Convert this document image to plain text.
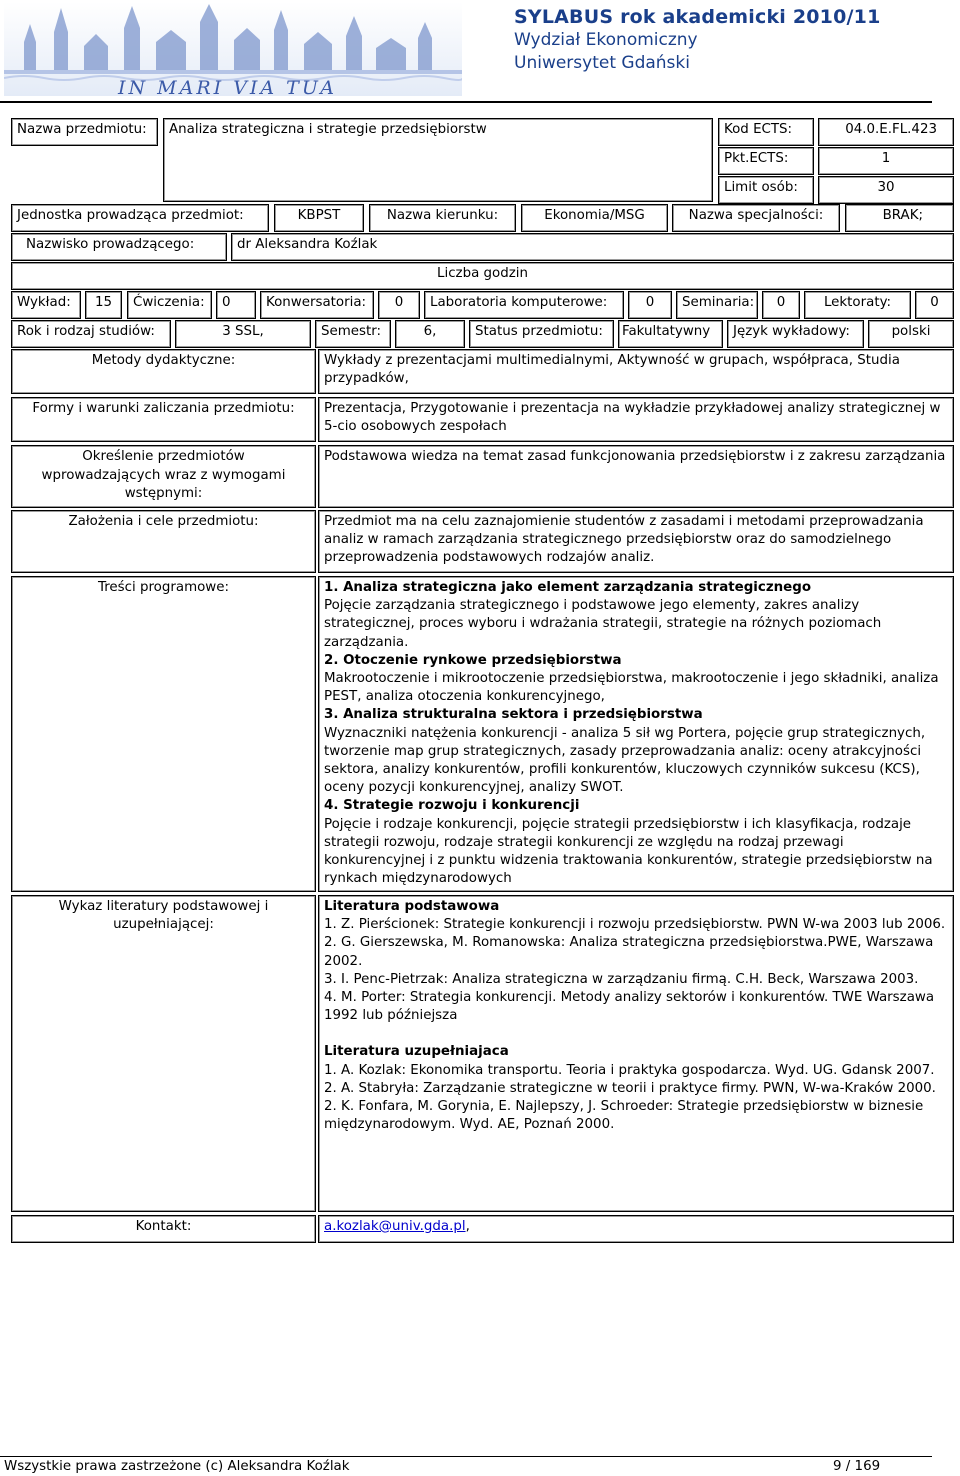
IN MARI VIA TUA
SYLABUS rok akademicki 2010/11
Wydział Ekonomiczny
Uniwersytet Gdański
Nazwa przedmiotu:	Analiza strategiczna i strategie przedsiębiorstw	Kod ECTS:	04.0.E.FL.423
Pkt.ECTS:	1
Limit osób:	30
Jednostka prowadząca przedmiot:	KBPST	Nazwa kierunku:	Ekonomia/MSG	Nazwa specjalności:	BRAK;
Nazwisko prowadzącego:	dr Aleksandra Koźlak
Liczba godzin
Wykład:	15	Ćwiczenia:	0	Konwersatoria:	0	Laboratoria komputerowe:	0	Seminaria:	0	Lektoraty:	0
Rok i rodzaj studiów:	3 SSL,	Semestr:	6,	Status przedmiotu:	Fakultatywny	Język wykładowy:	polski
Metody dydaktyczne:	Wykłady z prezentacjami multimedialnymi, Aktywność w grupach, współpraca, Studia przypadków,
Formy i warunki zaliczania przedmiotu:	Prezentacja, Przygotowanie i prezentacja na wykładzie przykładowej analizy strategicznej w 5-cio osobowych zespołach
Określenie przedmiotów wprowadzających wraz z wymogami wstępnymi:
Podstawowa wiedza na temat zasad funkcjonowania przedsiębiorstw i z zakresu zarządzania
Założenia i cele przedmiotu:	Przedmiot ma na celu zaznajomienie studentów z zasadami i metodami przeprowadzania analiz w ramach zarządzania strategicznego przedsiębiorstw oraz do samodzielnego przeprowadzenia podstawowych rodzajów analiz.
Treści programowe:	1. Analiza strategiczna jako element zarządzania strategicznego
Pojęcie zarządzania strategicznego i podstawowe jego elementy, zakres analizy strategicznej, proces wyboru i wdrażania strategii, strategie na różnych poziomach zarządzania.
2. Otoczenie rynkowe przedsiębiorstwa
Makrootoczenie i mikrootoczenie przedsiębiorstwa, makrootoczenie i jego składniki, analiza PEST, analiza otoczenia konkurencyjnego,
3. Analiza strukturalna sektora i przedsiębiorstwa
Wyznaczniki natężenia konkurencji - analiza 5 sił wg Portera, pojęcie grup strategicznych, tworzenie map grup strategicznych, zasady przeprowadzania analiz: oceny atrakcyjności sektora, analizy konkurentów, profili konkurentów, kluczowych czynników sukcesu (KCS), oceny pozycji konkurencyjnej, analizy SWOT.
4. Strategie rozwoju i konkurencji
Pojęcie i rodzaje konkurencji, pojęcie strategii przedsiębiorstw i ich klasyfikacja, rodzaje strategii rozwoju, rodzaje strategii konkurencji ze względu na rodzaj przewagi konkurencyjnej i z punktu widzenia traktowania konkurentów, strategie przedsiębiorstw na rynkach międzynarodowych
Wykaz literatury podstawowej i uzupełniającej:
Literatura podstawowa
1. Z. Pierścionek: Strategie konkurencji i rozwoju przedsiębiorstw. PWN W-wa 2003 lub 2006.
2. G. Gierszewska, M. Romanowska: Analiza strategiczna przedsiębiorstwa.PWE, Warszawa 2002.
3. I. Penc-Pietrzak: Analiza strategiczna w zarządzaniu firmą. C.H. Beck, Warszawa 2003.
4. M. Porter: Strategia konkurencji. Metody analizy sektorów i konkurentów. TWE Warszawa 1992 lub późniejsza
Literatura uzupełniajaca
1. A. Kozlak: Ekonomika transportu. Teoria i praktyka gospodarcza. Wyd. UG. Gdansk 2007.
2. A. Stabryła: Zarządzanie strategiczne w teorii i praktyce firmy. PWN, W-wa-Kraków 2000.
2. K. Fonfara, M. Gorynia, E. Najlepszy, J. Schroeder: Strategie przedsiębiorstw w biznesie międzynarodowym. Wyd. AE, Poznań 2000.
Kontakt:	a.kozlak@univ.gda.pl,
Wszystkie prawa zastrzeżone (c) Aleksandra Koźlak	9 / 169
